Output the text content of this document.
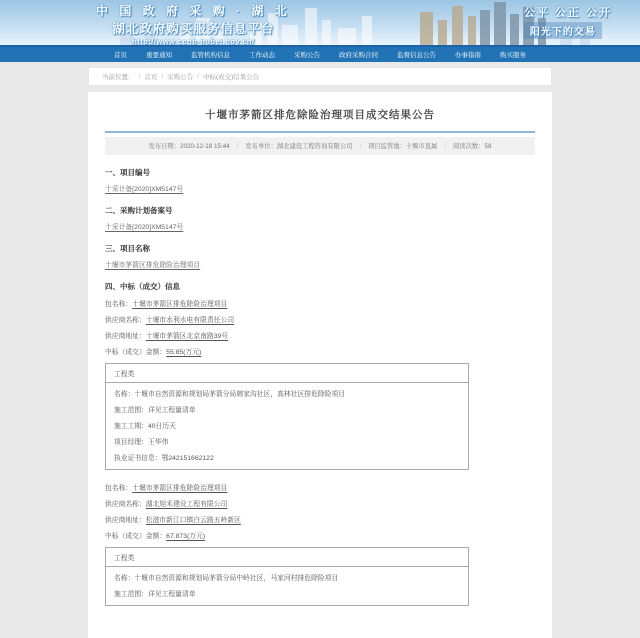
中 国 政 府 采 购 · 湖 北
湖北政府购买服务信息平台
http://www.ccgp-hubei.gov.cn/
公平 公正 公开
阳光下的交易
首页	重要通知	监管机构信息	工作动态	采购公告	政府采购合同	监督信息公告	办事指南	购买服务
当前位置： / 首页 / 采购公告 / 中标(成交)结果公告
十堰市茅箭区排危除险治理项目成交结果公告
发布日期：2020-12-18 15:44 | 发布单位：湖北建设工程咨询有限公司 | 项目监管地：十堰市直属 | 阅读次数：58
一、项目编号
十采计备[2020]XM5147号
二、采购计划备案号
十采计备[2020]XM5147号
三、项目名称
十堰市茅箭区排危除险治理项目
四、中标（成交）信息
包名称：十堰市茅箭区排危除险治理项目
供应商名称：十堰市水利水电有限责任公司
供应商地址：十堰市茅箭区北京南路39号
中标（成交）金额：55.85(万元)
工程类
名称：十堰市自然资源和规划局茅箭分局韩家沟社区，高林社区排危除险项目
施工范围：详见工程量清单
施工工期：40日历天
项目经理：王华伟
执业证书信息：鄂242151662122
包名称：十堰市茅箭区排危除险治理项目
供应商名称：湖北旭禾建设工程有限公司
供应商地址：松滋市新江口镇白云路五岭新区
中标（成交）金额：67.873(万元)
工程类
名称：十堰市自然资源和规划局茅箭分局中岭社区，马家河村排危除险项目
施工范围：详见工程量清单
